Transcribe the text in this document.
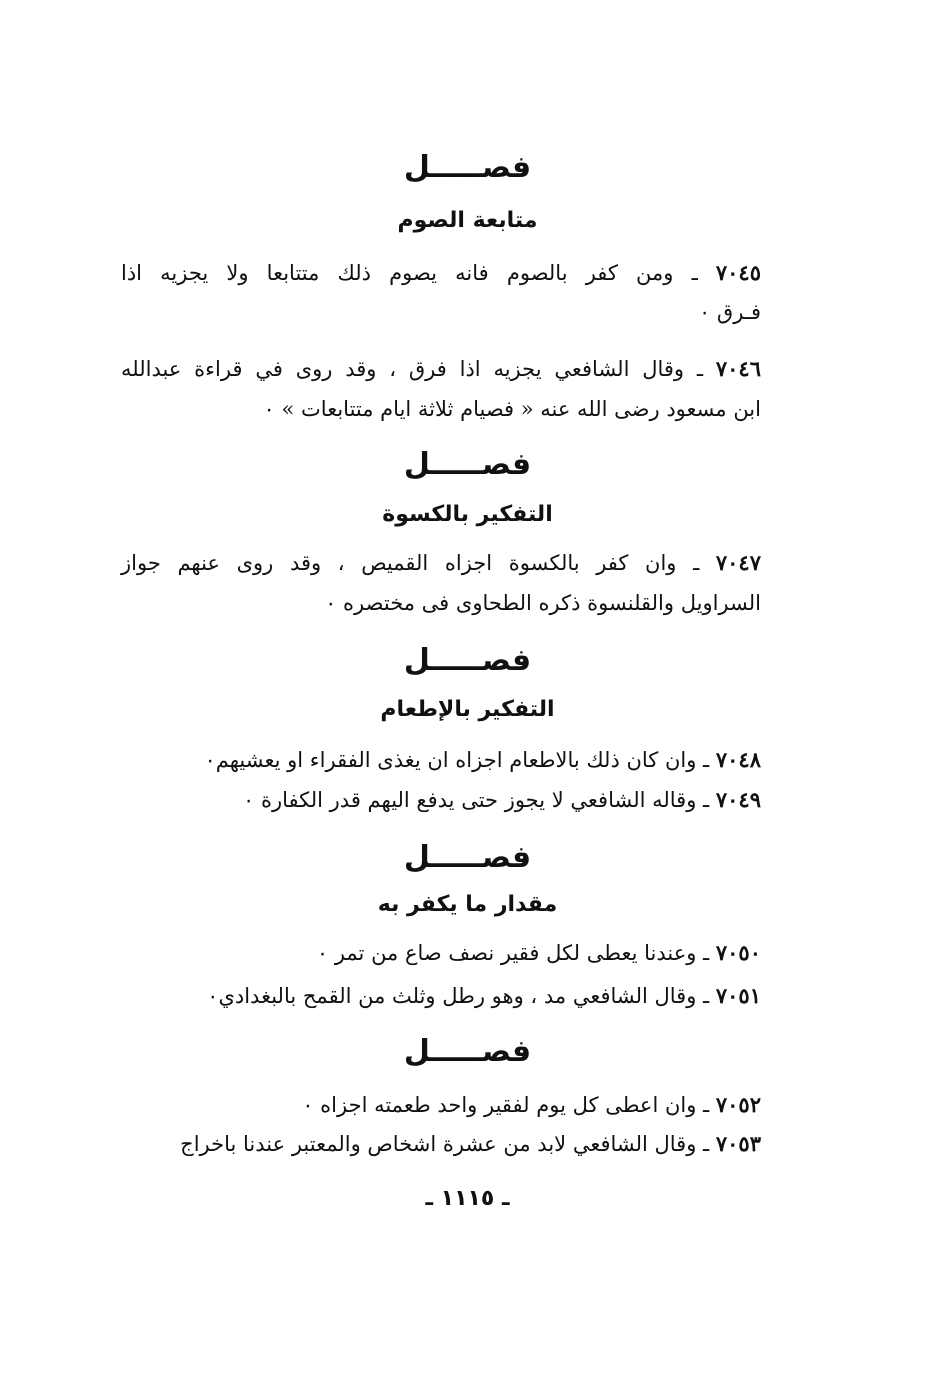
فصـــــل
متابعة الصوم
٧٠٤٥ ـ ومن كفر بالصوم فانه يصوم ذلك متتابعا ولا يجزيه اذا
فـرق ٠
٧٠٤٦ ـ وقال الشافعي يجزيه اذا فرق ، وقد روى في قراءة عبدالله
ابن مسعود رضى الله عنه « فصيام ثلاثة ايام متتابعات » ٠
فصـــــل
التفكير بالكسوة
٧٠٤٧ ـ وان كفر بالكسوة اجزاه القميص ، وقد روى عنهم جواز
السراويل والقلنسوة ذكره الطحاوى فى مختصره ٠
فصـــــل
التفكير بالإطعام
٧٠٤٨ ـ وان كان ذلك بالاطعام اجزاه ان يغذى الفقراء او يعشيهم٠
٧٠٤٩ ـ وقاله الشافعي لا يجوز حتى يدفع اليهم قدر الكفارة ٠
فصـــــل
مقدار ما يكفر به
٧٠٥٠ ـ وعندنا يعطى لكل فقير نصف صاع من تمر ٠
٧٠٥١ ـ وقال الشافعي مد ، وهو رطل وثلث من القمح بالبغدادي٠
فصـــــل
٧٠٥٢ ـ وان اعطى كل يوم لفقير واحد طعمته اجزاه ٠
٧٠٥٣ ـ وقال الشافعي لابد من عشرة اشخاص والمعتبر عندنا باخراج
ـ ١١١٥ ـ
